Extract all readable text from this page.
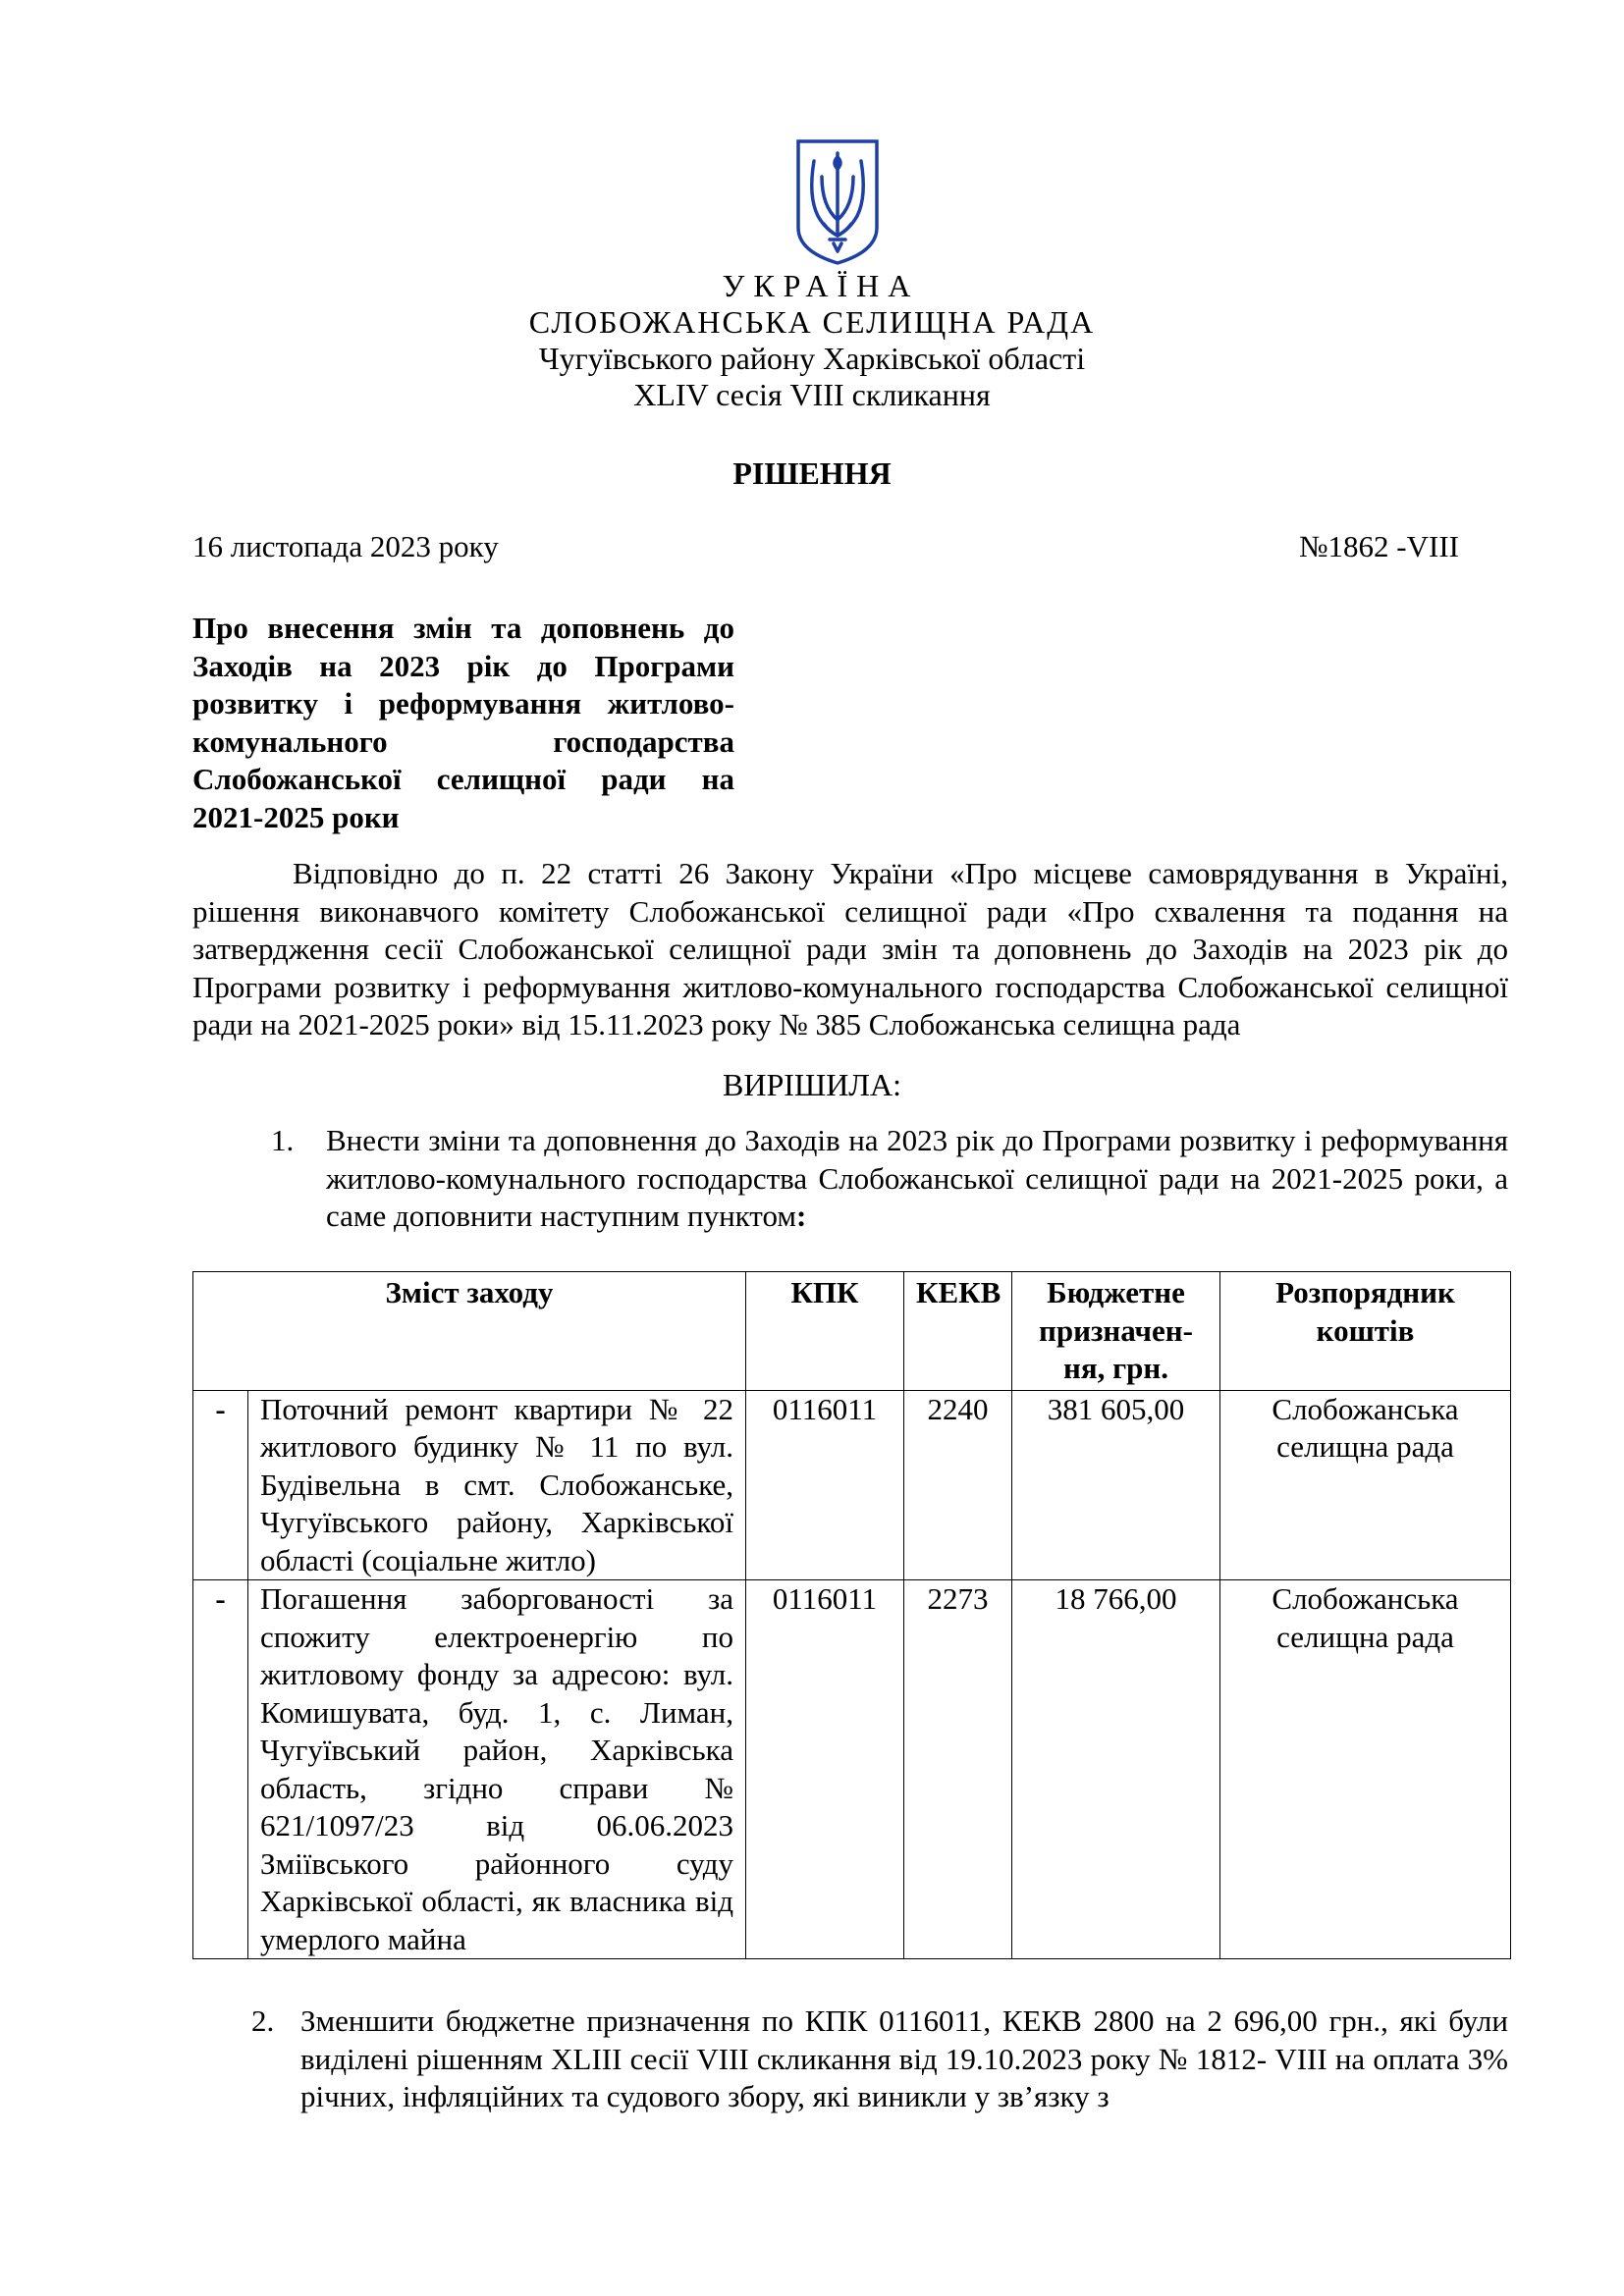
УКРАЇНА
СЛОБОЖАНСЬКА СЕЛИЩНА РАДА
Чугуївського району Харківської області
XLIV сесія VIII скликання
РІШЕННЯ
16 листопада 2023 року	№1862 -VIII
Про внесення змін та доповнень до
Заходів на 2023 рік до Програми
розвитку і реформування житлово-
комунального господарства
Слобожанської селищної ради на
2021-2025 роки
Відповідно до п. 22 статті 26 Закону України «Про місцеве самоврядування в Україні, рішення виконавчого комітету Слобожанської селищної ради «Про схвалення та подання на затвердження сесії Слобожанської селищної ради змін та доповнень до Заходів на 2023 рік до Програми розвитку і реформування житлово-комунального господарства Слобожанської селищної ради на 2021-2025 роки» від 15.11.2023 року № 385 Слобожанська селищна рада
ВИРІШИЛА:
1. Внести зміни та доповнення до Заходів на 2023 рік до Програми розвитку і реформування житлово-комунального господарства Слобожанської селищної ради на 2021-2025 роки, а саме доповнити наступним пунктом:
Зміст заходу		КПК	КЕКВ	Бюджетне призначен-ня, грн.	Розпорядник коштів
-	Поточний ремонт квартири № 22 житлового будинку № 11 по вул. Будівельна в смт. Слобожанське, Чугуївського району, Харківської області (соціальне житло)	0116011	2240	381 605,00	Слобожанська селищна рада
-	Погашення заборгованості за спожиту електроенергію по житловому фонду за адресою: вул. Комишувата, буд. 1, с. Лиман, Чугуївський район, Харківська область, згідно справи № 621/1097/23 від 06.06.2023 Зміївського районного суду Харківської області, як власника від умерлого майна	0116011	2273	18 766,00	Слобожанська селищна рада
2. Зменшити бюджетне призначення по КПК 0116011, КЕКВ 2800 на 2 696,00 грн., які були виділені рішенням XLIII сесії VIII скликання від 19.10.2023 року № 1812- VIII на оплата 3% річних, інфляційних та судового збору, які виникли у зв’язку з
